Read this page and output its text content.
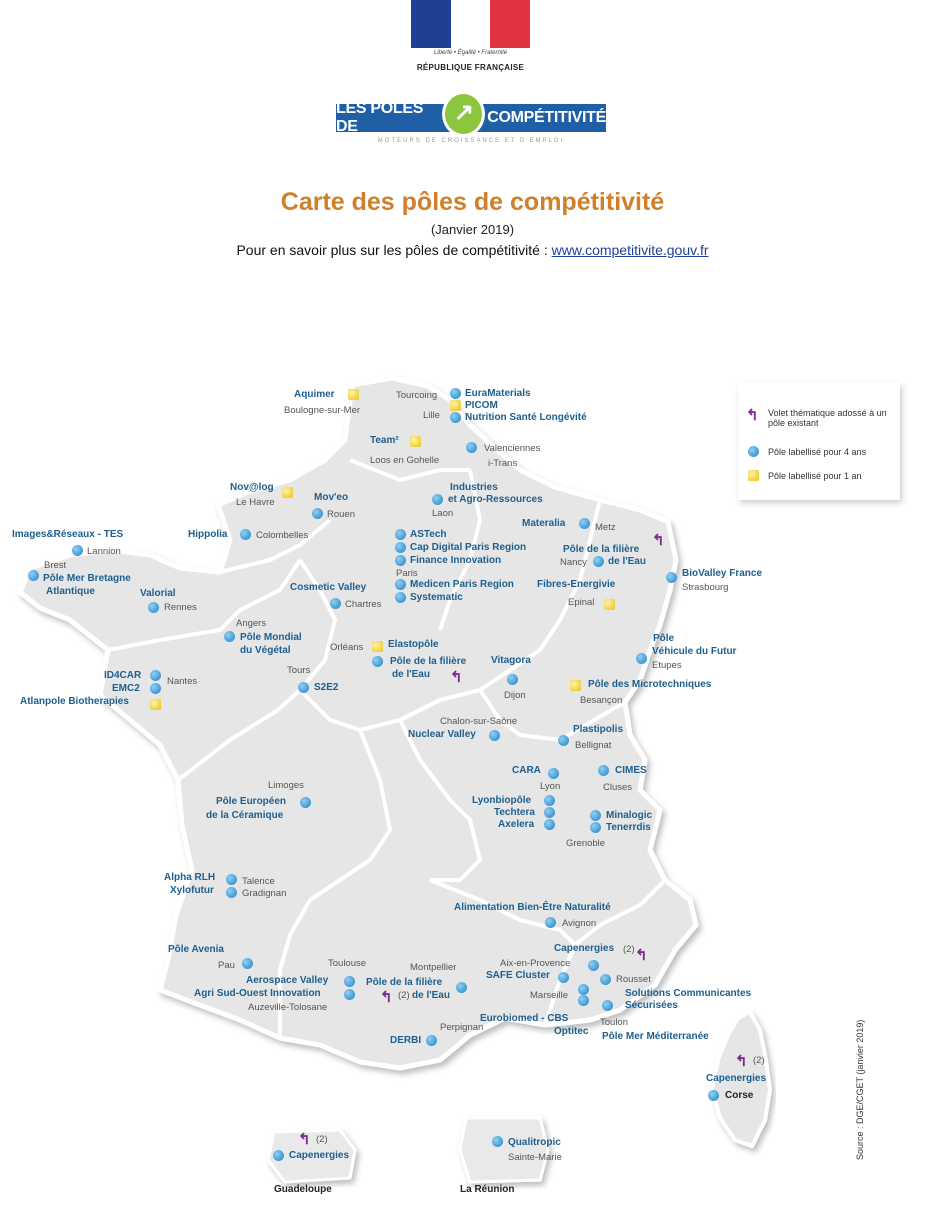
Liberté • Égalité • Fraternité
RÉPUBLIQUE FRANÇAISE
LES PÔLES DE
↗ COMPÉTITIVITÉ
MOTEURS DE CROISSANCE ET D'EMPLOI
Carte des pôles de compétitivité
(Janvier 2019)
Pour en savoir plus sur les pôles de compétitivité : www.competitivite.gouv.fr
↰ Volet thématique adossé à un pôle existant
Pôle labellisé pour 4 ans
Pôle labellisé pour 1 an
Source : DGE/CGET (janvier 2019)
Aquimer
Boulogne-sur-Mer
Tourcoing	EuraMaterials
PICOM
Lille	Nutrition Santé Longévité
Team²
Loos en Gohelle
Valenciennes
i-Trans
Nov@log
Le Havre	Mov'eo
Rouen
Industries
et Agro-Ressources
Laon
Images&Réseaux - TES
Lannion
Hippolia	Colombelles
Brest
Pôle Mer Bretagne
Atlantique	Valorial
Rennes
ASTech
Cap Digital Paris Region
Finance Innovation
Paris
Medicen Paris Region
Systematic
Materalia	Metz
↰
Pôle de la filière
Nancy de l'Eau
Cosmetic Valley
Chartres
Fibres-Energivie
Epinal
BioValley France
Strasbourg
Angers
Pôle Mondial
du Végétal	Orléans Elastopôle
Pôle de la filière
de l'Eau ↰
Pôle
Véhicule du Futur
Etupes
Vitagora
Dijon
ID4CAR
EMC2
Nantes
Atlanpole Biotherapies
Tours
S2E2	Pôle des Microtechniques
Besançon
Chalon-sur-Saône
Nuclear Valley	Plastipolis
Bellignat
Limoges
Pôle Européen
de la Céramique
CARA
Lyon
CIMES
Cluses
Lyonbiopôle
Techtera
Axelera
Minalogic
Tenerrdis
Grenoble
Alpha RLH	Talence
Xylofutur	Gradignan
Alimentation Bien-Être Naturalité
Avignon
Pôle Avenia
Pau
Capenergies (2) ↰
Aix-en-Provence
Toulouse	Montpellier
Aerospace Valley
Agri Sud-Ouest Innovation
Auzeville-Tolosane
Pôle de la filière
↰ (2) de l'Eau
SAFE Cluster	Rousset
Marseille	Solutions Communicantes
Sécurisées
Eurobiomed - CBS	Toulon
Optitec Pôle Mer Méditerranée
Perpignan
DERBI
↰ (2)
Capenergies
Corse
↰ (2)
Capenergies
Guadeloupe
Qualitropic
Sainte-Marie
La Réunion
